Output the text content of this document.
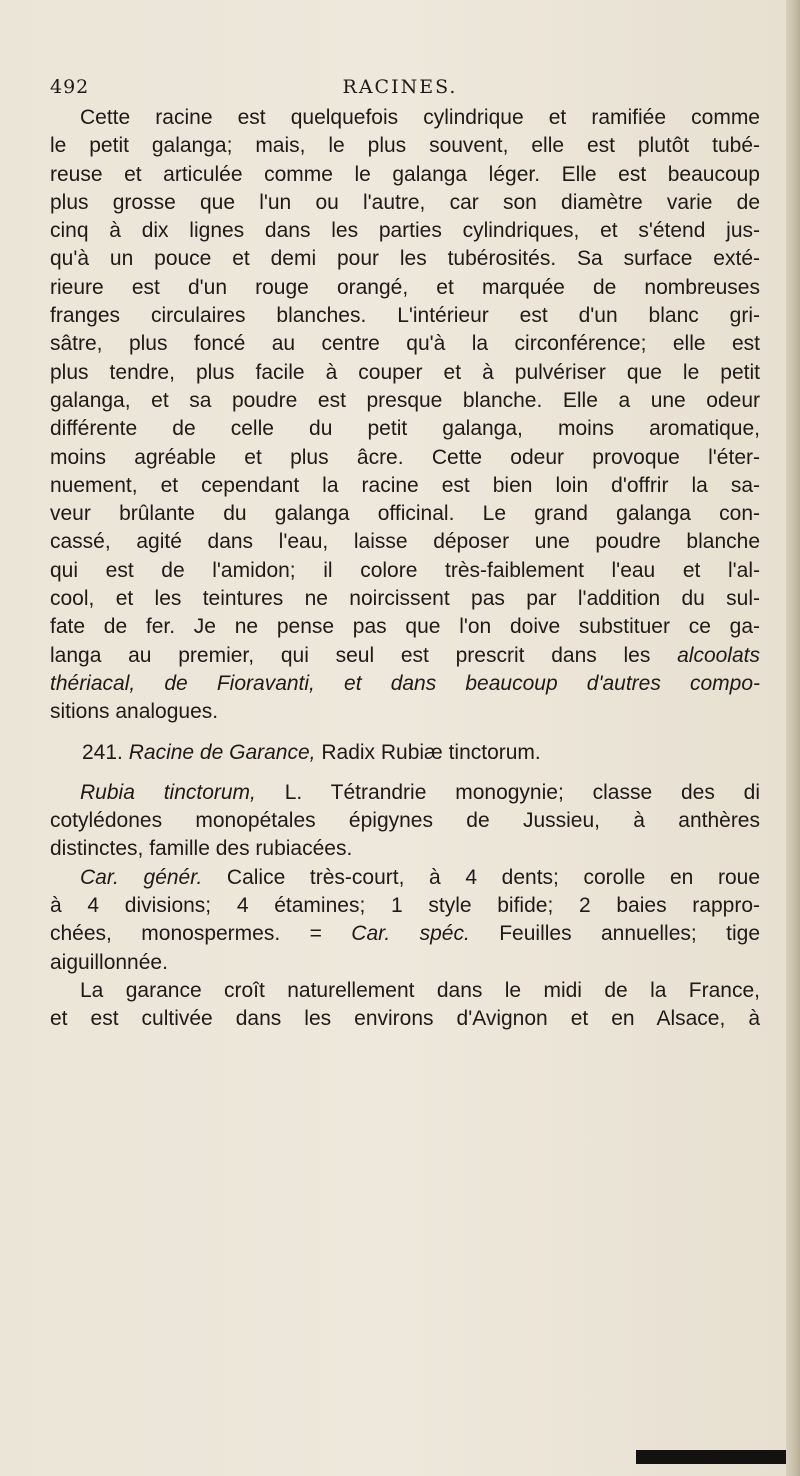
492	RACINES.
Cette racine est quelquefois cylindrique et ramifiée comme
le petit galanga; mais, le plus souvent, elle est plutôt tubé-
reuse et articulée comme le galanga léger. Elle est beaucoup
plus grosse que l'un ou l'autre, car son diamètre varie de
cinq à dix lignes dans les parties cylindriques, et s'étend jus-
qu'à un pouce et demi pour les tubérosités. Sa surface exté-
rieure est d'un rouge orangé, et marquée de nombreuses
franges circulaires blanches. L'intérieur est d'un blanc gri-
sâtre, plus foncé au centre qu'à la circonférence; elle est
plus tendre, plus facile à couper et à pulvériser que le petit
galanga, et sa poudre est presque blanche. Elle a une odeur
différente de celle du petit galanga, moins aromatique,
moins agréable et plus âcre. Cette odeur provoque l'éter-
nuement, et cependant la racine est bien loin d'offrir la sa-
veur brûlante du galanga officinal. Le grand galanga con-
cassé, agité dans l'eau, laisse déposer une poudre blanche
qui est de l'amidon; il colore très-faiblement l'eau et l'al-
cool, et les teintures ne noircissent pas par l'addition du sul-
fate de fer. Je ne pense pas que l'on doive substituer ce ga-
langa au premier, qui seul est prescrit dans les alcoolats
thériacal, de Fioravanti, et dans beaucoup d'autres compo-
sitions analogues.
241. Racine de Garance, Radix Rubiæ tinctorum.
Rubia tinctorum, L. Tétrandrie monogynie; classe des di
cotylédones monopétales épigynes de Jussieu, à anthères
distinctes, famille des rubiacées.
Car. génér. Calice très-court, à 4 dents; corolle en roue
à 4 divisions; 4 étamines; 1 style bifide; 2 baies rappro-
chées, monospermes. = Car. spéc. Feuilles annuelles; tige
aiguillonnée.
La garance croît naturellement dans le midi de la France,
et est cultivée dans les environs d'Avignon et en Alsace, à
